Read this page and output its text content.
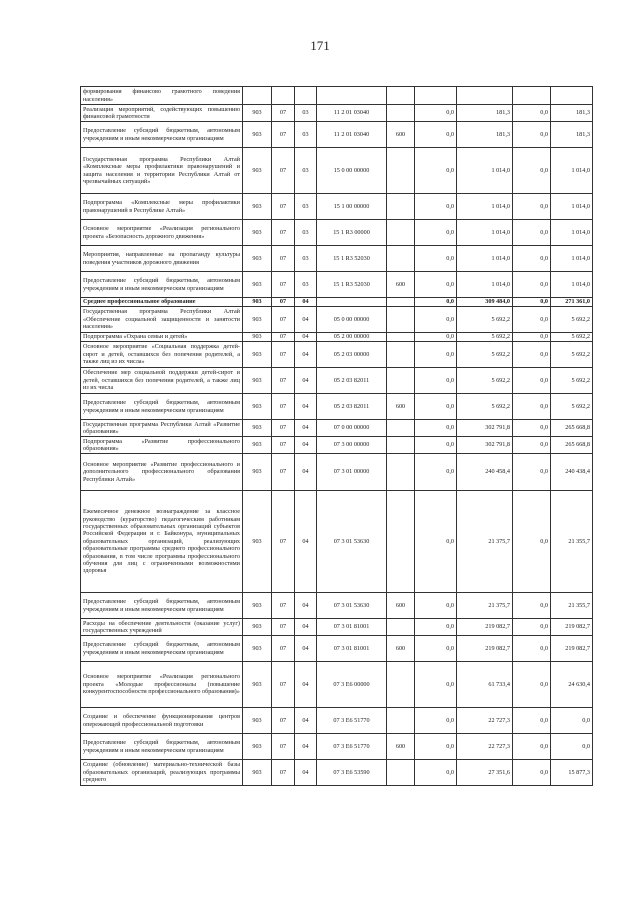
171
формирования финансово грамотного поведения населения»									
Реализация мероприятий, содействующих повышению финансовой грамотности	903	07	03	11 2 01 03040		0,0	181,3	0,0	181,3
Предоставление субсидий бюджетным, автономным учреждениям и иным некоммерческим организациям	903	07	03	11 2 01 03040	600	0,0	181,3	0,0	181,3
Государственная программа Республики Алтай «Комплексные меры профилактики правонарушений и защита населения и территории Республики Алтай от чрезвычайных ситуаций»	903	07	03	15 0 00 00000		0,0	1 014,0	0,0	1 014,0
Подпрограмма «Комплексные меры профилактики правонарушений в Республике Алтай»	903	07	03	15 1 00 00000		0,0	1 014,0	0,0	1 014,0
Основное мероприятие «Реализация регионального проекта «Безопасность дорожного движения»	903	07	03	15 1 R3 00000		0,0	1 014,0	0,0	1 014,0
Мероприятия, направленные на пропаганду культуры поведения участников дорожного движения	903	07	03	15 1 R3 52030		0,0	1 014,0	0,0	1 014,0
Предоставление субсидий бюджетным, автономным учреждениям и иным некоммерческим организациям	903	07	03	15 1 R3 52030	600	0,0	1 014,0	0,0	1 014,0
Среднее профессиональное образование	903	07	04			0,0	309 484,0	0,0	271 361,0
Государственная программа Республики Алтай «Обеспечение социальной защищенности и занятости населения»	903	07	04	05 0 00 00000		0,0	5 692,2	0,0	5 692,2
Подпрограмма «Охрана семьи и детей»	903	07	04	05 2 00 00000		0,0	5 692,2	0,0	5 692,2
Основное мероприятие «Социальная поддержка детей-сирот и детей, оставшихся без попечения родителей, а также лиц из их числа»	903	07	04	05 2 03 00000		0,0	5 692,2	0,0	5 692,2
Обеспечение мер социальной поддержки детей-сирот и детей, оставшихся без попечения родителей, а также лиц из их числа	903	07	04	05 2 03 82011		0,0	5 692,2	0,0	5 692,2
Предоставление субсидий бюджетным, автономным учреждениям и иным некоммерческим организациям	903	07	04	05 2 03 82011	600	0,0	5 692,2	0,0	5 692,2
Государственная программа Республики Алтай «Развитие образования»	903	07	04	07 0 00 00000		0,0	302 791,8	0,0	265 668,8
Подпрограмма «Развитие профессионального образования»	903	07	04	07 3 00 00000		0,0	302 791,8	0,0	265 668,8
Основное мероприятие «Развитие профессионального и дополнительного профессионального образования Республики Алтай»	903	07	04	07 3 01 00000		0,0	240 458,4	0,0	240 438,4
Ежемесячное денежное вознаграждение за классное руководство (кураторство) педагогическим работникам государственных образовательных организаций субъектов Российской Федерации и г. Байконура, муниципальных образовательных организаций, реализующих образовательные программы среднего профессионального образования, в том числе программы профессионального обучения для лиц с ограниченными возможностями здоровья	903	07	04	07 3 01 53630		0,0	21 375,7	0,0	21 355,7
Предоставление субсидий бюджетным, автономным учреждениям и иным некоммерческим организациям	903	07	04	07 3 01 53630	600	0,0	21 375,7	0,0	21 355,7
Расходы на обеспечение деятельности (оказание услуг) государственных учреждений	903	07	04	07 3 01 81001		0,0	219 082,7	0,0	219 082,7
Предоставление субсидий бюджетным, автономным учреждениям и иным некоммерческим организациям	903	07	04	07 3 01 81001	600	0,0	219 082,7	0,0	219 082,7
Основное мероприятие «Реализация регионального проекта «Молодые профессионалы (повышение конкурентоспособности профессионального образования)»	903	07	04	07 3 E6 00000		0,0	61 733,4	0,0	24 630,4
Создание и обеспечение функционирования центров опережающей профессиональной подготовки	903	07	04	07 3 E6 51770		0,0	22 727,3	0,0	0,0
Предоставление субсидий бюджетным, автономным учреждениям и иным некоммерческим организациям	903	07	04	07 3 E6 51770	600	0,0	22 727,3	0,0	0,0
Создание (обновление) материально-технической базы образовательных организаций, реализующих программы среднего	903	07	04	07 3 E6 53590		0,0	27 351,6	0,0	15 877,3
